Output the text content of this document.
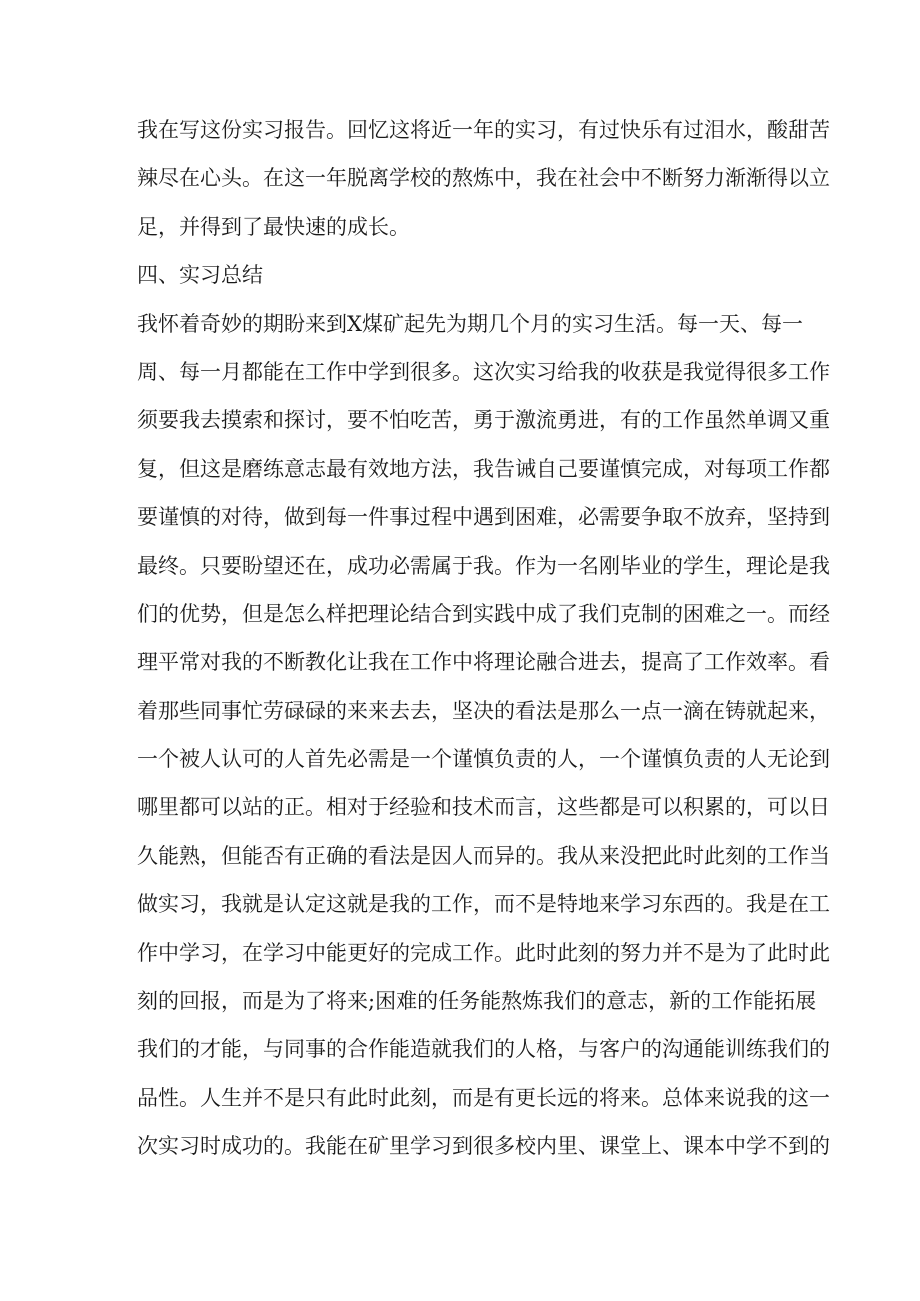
我在写这份实习报告。回忆这将近一年的实习，有过快乐有过泪水，酸甜苦
辣尽在心头。在这一年脱离学校的熬炼中，我在社会中不断努力渐渐得以立
足，并得到了最快速的成长。
四、实习总结
我怀着奇妙的期盼来到X煤矿起先为期几个月的实习生活。每一天、每一
周、每一月都能在工作中学到很多。这次实习给我的收获是我觉得很多工作
须要我去摸索和探讨，要不怕吃苦，勇于激流勇进，有的工作虽然单调又重
复，但这是磨练意志最有效地方法，我告诫自己要谨慎完成，对每项工作都
要谨慎的对待，做到每一件事过程中遇到困难，必需要争取不放弃，坚持到
最终。只要盼望还在，成功必需属于我。作为一名刚毕业的学生，理论是我
们的优势，但是怎么样把理论结合到实践中成了我们克制的困难之一。而经
理平常对我的不断教化让我在工作中将理论融合进去，提高了工作效率。看
着那些同事忙劳碌碌的来来去去，坚决的看法是那么一点一滴在铸就起来，
一个被人认可的人首先必需是一个谨慎负责的人，一个谨慎负责的人无论到
哪里都可以站的正。相对于经验和技术而言，这些都是可以积累的，可以日
久能熟，但能否有正确的看法是因人而异的。我从来没把此时此刻的工作当
做实习，我就是认定这就是我的工作，而不是特地来学习东西的。我是在工
作中学习，在学习中能更好的完成工作。此时此刻的努力并不是为了此时此
刻的回报，而是为了将来;困难的任务能熬炼我们的意志，新的工作能拓展
我们的才能，与同事的合作能造就我们的人格，与客户的沟通能训练我们的
品性。人生并不是只有此时此刻，而是有更长远的将来。总体来说我的这一
次实习时成功的。我能在矿里学习到很多校内里、课堂上、课本中学不到的
